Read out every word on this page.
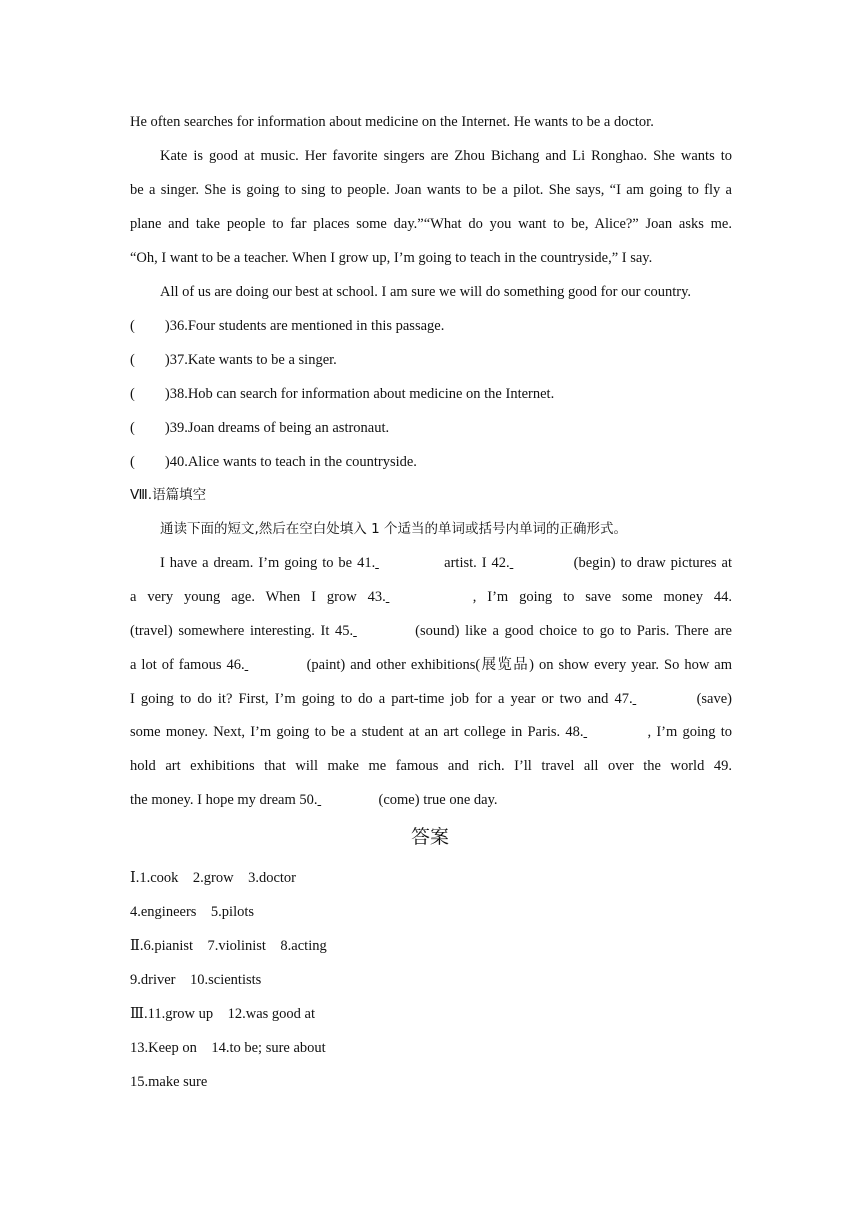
He often searches for information about medicine on the Internet. He wants to be a doctor.
Kate is good at music. Her favorite singers are Zhou Bichang and Li Ronghao. She wants to
be a singer. She is going to sing to people. Joan wants to be a pilot. She says, “I am going to fly a
plane and take people to far places some day.”“What do you want to be, Alice?” Joan asks me.
“Oh, I want to be a teacher. When I grow up, I’m going to teach in the countryside,” I say.
All of us are doing our best at school. I am sure we will do something good for our country.
( )36.Four students are mentioned in this passage.
( )37.Kate wants to be a singer.
( )38.Hob can search for information about medicine on the Internet.
( )39.Joan dreams of being an astronaut.
( )40.Alice wants to teach in the countryside.
Ⅷ.语篇填空
通读下面的短文,然后在空白处填入 1 个适当的单词或括号内单词的正确形式。
I have a dream. I’m going to be 41.	artist. I 42.	(begin) to draw pictures at
a very young age. When I grow 43.	, I’m going to save some money 44.
(travel) somewhere interesting. It 45.	(sound) like a good choice to go to Paris. There are
a lot of famous 46.	(paint) and other exhibitions(展览品) on show every year. So how am
I going to do it? First, I’m going to do a part-time job for a year or two and 47.	(save)
some money. Next, I’m going to be a student at an art college in Paris. 48.	, I’m going to
hold art exhibitions that will make me famous and rich. I’ll travel all over the world 49.
the money. I hope my dream 50.	(come) true one day.
答案
Ⅰ.1.cook    2.grow    3.doctor
4.engineers    5.pilots
Ⅱ.6.pianist    7.violinist    8.acting
9.driver    10.scientists
Ⅲ.11.grow up    12.was good at
13.Keep on    14.to be; sure about
15.make sure
